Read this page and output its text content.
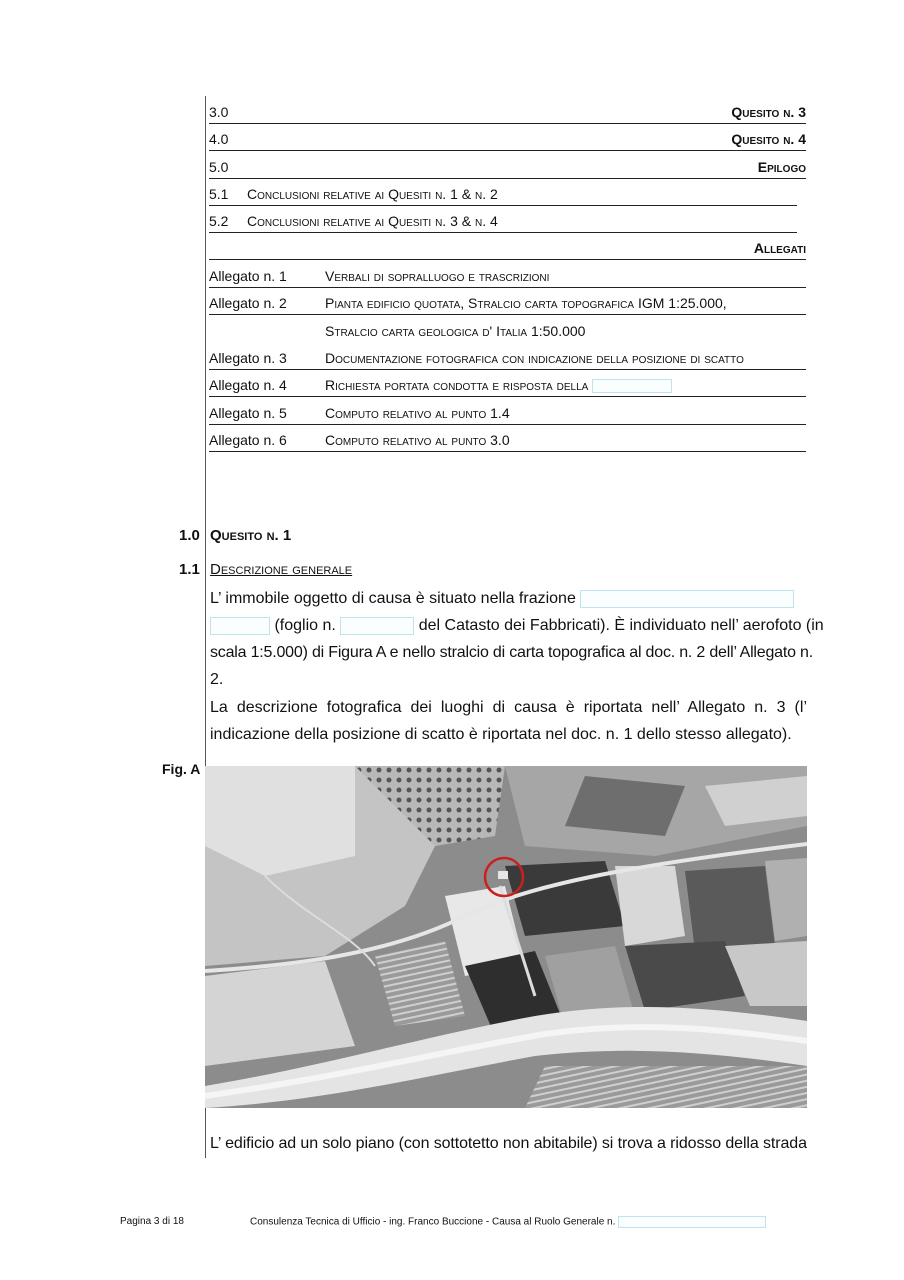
3.0	Quesito n. 3
4.0	Quesito n. 4
5.0	Epilogo
5.1 Conclusioni relative ai Quesiti n. 1 & n. 2
5.2 Conclusioni relative ai Quesiti n. 3 & n. 4
Allegati
Allegato n. 1	Verbali di sopralluogo e trascrizioni
Allegato n. 2	Pianta edificio quotata, Stralcio carta topografica IGM 1:25.000,
Stralcio carta geologica d' Italia 1:50.000
Allegato n. 3	Documentazione fotografica con indicazione della posizione di scatto
Allegato n. 4	Richiesta portata condotta e risposta della
Allegato n. 5	Computo relativo al punto 1.4
Allegato n. 6	Computo relativo al punto 3.0
1.0 Quesito n. 1
1.1 Descrizione generale
L’ immobile oggetto di causa è situato nella frazione
(foglio n.	del Catasto dei Fabbricati). È individuato nell’ aerofoto (in
scala 1:5.000) di Figura A e nello stralcio di carta topografica al doc. n. 2 dell’ Allegato n.
2.
La descrizione fotografica dei luoghi di causa è riportata nell’ Allegato n. 3 (l’ indicazione della posizione di scatto è riportata nel doc. n. 1 dello stesso allegato).
Fig. A
L’ edificio ad un solo piano (con sottotetto non abitabile) si trova a ridosso della strada
Pagina 3 di 18	Consulenza Tecnica di Ufficio - ing. Franco Buccione - Causa al Ruolo Generale n.
